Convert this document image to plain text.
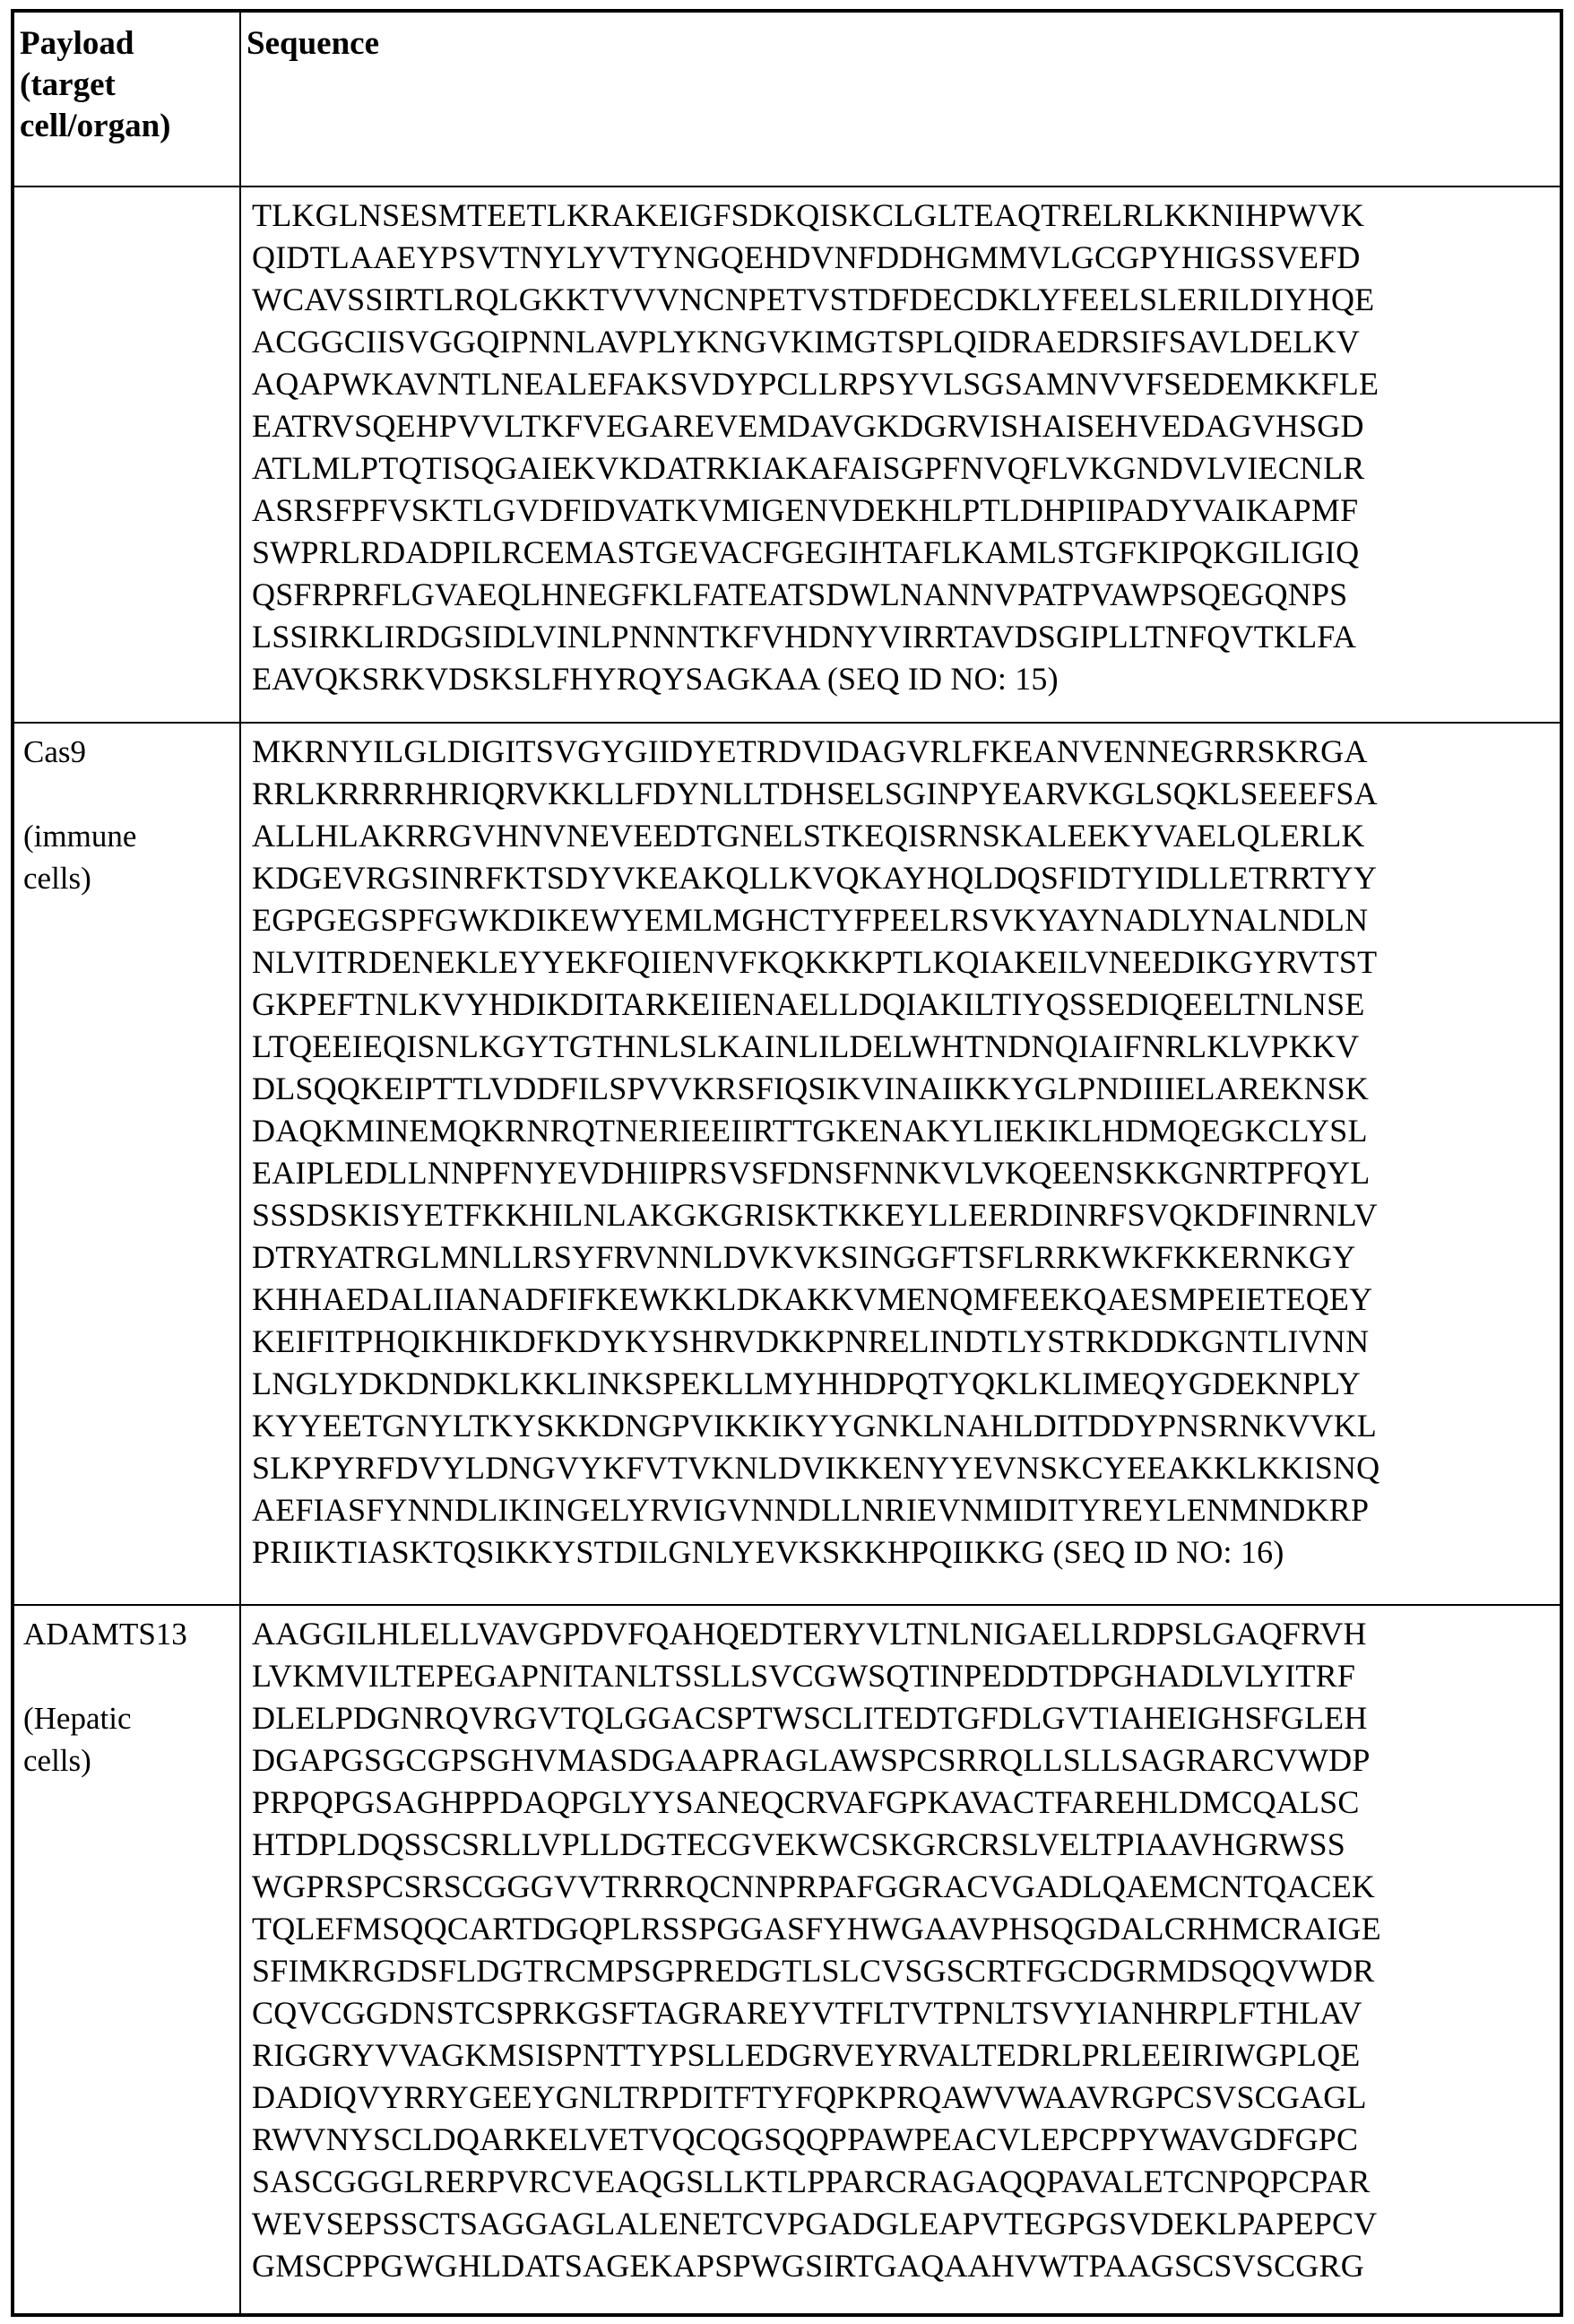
Payload
(target
cell/organ)	Sequence
	TLKGLNSESMTEETLKRAKEIGFSDKQISKCLGLTEAQTRELRLKKNIHPWVK
QIDTLAAEYPSVTNYLYVTYNGQEHDVNFDDHGMMVLGCGPYHIGSSVEFD
WCAVSSIRTLRQLGKKTVVVNCNPETVSTDFDECDKLYFEELSLERILDIYHQE
ACGGCIISVGGQIPNNLAVPLYKNGVKIMGTSPLQIDRAEDRSIFSAVLDELKV
AQAPWKAVNTLNEALEFAKSVDYPCLLRPSYVLSGSAMNVVFSEDEMKKFLE
EATRVSQEHPVVLTKFVEGAREVEMDAVGKDGRVISHAISEHVEDAGVHSGD
ATLMLPTQTISQGAIEKVKDATRKIAKAFAISGPFNVQFLVKGNDVLVIECNLR
ASRSFPFVSKTLGVDFIDVATKVMIGENVDEKHLPTLDHPIIPADYVAIKAPMF
SWPRLRDADPILRCEMASTGEVACFGEGIHTAFLKAMLSTGFKIPQKGILIGIQ
QSFRPRFLGVAEQLHNEGFKLFATEATSDWLNANNVPATPVAWPSQEGQNPS
LSSIRKLIRDGSIDLVINLPNNNTKFVHDNYVIRRTAVDSGIPLLTNFQVTKLFA
EAVQKSRKVDSKSLFHYRQYSAGKAA (SEQ ID NO: 15)
Cas9

(immune
cells)	MKRNYILGLDIGITSVGYGIIDYETRDVIDAGVRLFKEANVENNEGRRSKRGA
RRLKRRRRHRIQRVKKLLFDYNLLTDHSELSGINPYEARVKGLSQKLSEEEFSA
ALLHLAKRRGVHNVNEVEEDTGNELSTKEQISRNSKALEEKYVAELQLERLK
KDGEVRGSINRFKTSDYVKEAKQLLKVQKAYHQLDQSFIDTYIDLLETRRTYY
EGPGEGSPFGWKDIKEWYEMLMGHCTYFPEELRSVKYAYNADLYNALNDLN
NLVITRDENEKLEYYEKFQIIENVFKQKKKPTLKQIAKEILVNEEDIKGYRVTST
GKPEFTNLKVYHDIKDITARKEIIENAELLDQIAKILTIYQSSEDIQEELTNLNSE
LTQEEIEQISNLKGYTGTHNLSLKAINLILDELWHTNDNQIAIFNRLKLVPKKV
DLSQQKEIPTTLVDDFILSPVVKRSFIQSIKVINAIIKKYGLPNDIIIELAREKNSK
DAQKMINEMQKRNRQTNERIEEIIRTTGKENAKYLIEKIKLHDMQEGKCLYSL
EAIPLEDLLNNPFNYEVDHIIPRSVSFDNSFNNKVLVKQEENSKKGNRTPFQYL
SSSDSKISYETFKKHILNLAKGKGRISKTKKEYLLEERDINRFSVQKDFINRNLV
DTRYATRGLMNLLRSYFRVNNLDVKVKSINGGFTSFLRRKWKFKKERNKGY
KHHAEDALIIANADFIFKEWKKLDKAKKVMENQMFEEKQAESMPEIETEQEY
KEIFITPHQIKHIKDFKDYKYSHRVDKKPNRELINDTLYSTRKDDKGNTLIVNN
LNGLYDKDNDKLKKLINKSPEKLLMYHHDPQTYQKLKLIMEQYGDEKNPLY
KYYEETGNYLTKYSKKDNGPVIKKIKYYGNKLNAHLDITDDYPNSRNKVVKL
SLKPYRFDVYLDNGVYKFVTVKNLDVIKKENYYEVNSKCYEEAKKLKKISNQ
AEFIASFYNNDLIKINGELYRVIGVNNDLLNRIEVNMIDITYREYLENMNDKRP
PRIIKTIASKTQSIKKYSTDILGNLYEVKSKKHPQIIKKG (SEQ ID NO: 16)
ADAMTS13

(Hepatic
cells)	AAGGILHLELLVAVGPDVFQAHQEDTERYVLTNLNIGAELLRDPSLGAQFRVH
LVKMVILTEPEGAPNITANLTSSLLSVCGWSQTINPEDDTDPGHADLVLYITRF
DLELPDGNRQVRGVTQLGGACSPTWSCLITEDTGFDLGVTIAHEIGHSFGLEH
DGAPGSGCGPSGHVMASDGAAPRAGLAWSPCSRRQLLSLLSAGRARCVWDP
PRPQPGSAGHPPDAQPGLYYSANEQCRVAFGPKAVACTFAREHLDMCQALSC
HTDPLDQSSCSRLLVPLLDGTECGVEKWCSKGRCRSLVELTPIAAVHGRWSS
WGPRSPCSRSCGGGVVTRRRQCNNPRPAFGGRACVGADLQAEMCNTQACEK
TQLEFMSQQCARTDGQPLRSSPGGASFYHWGAAVPHSQGDALCRHMCRAIGE
SFIMKRGDSFLDGTRCMPSGPREDGTLSLCVSGSCRTFGCDGRMDSQQVWDR
CQVCGGDNSTCSPRKGSFTAGRAREYVTFLTVTPNLTSVYIANHRPLFTHLAV
RIGGRYVVAGKMSISPNTTYPSLLEDGRVEYRVALTEDRLPRLEEIRIWGPLQE
DADIQVYRRYGEEYGNLTRPDITFTYFQPKPRQAWVWAAVRGPCSVSCGAGL
RWVNYSCLDQARKELVETVQCQGSQQPPAWPEACVLEPCPPYWAVGDFGPC
SASCGGGLRERPVRCVEAQGSLLKTLPPARCRAGAQQPAVALETCNPQPCPAR
WEVSEPSSCTSAGGAGLALENETCVPGADGLEAPVTEGPGSVDEKLPAPEPCV
GMSCPPGWGHLDATSAGEKAPSPWGSIRTGAQAAHVWTPAAGSCSVSCGRG
